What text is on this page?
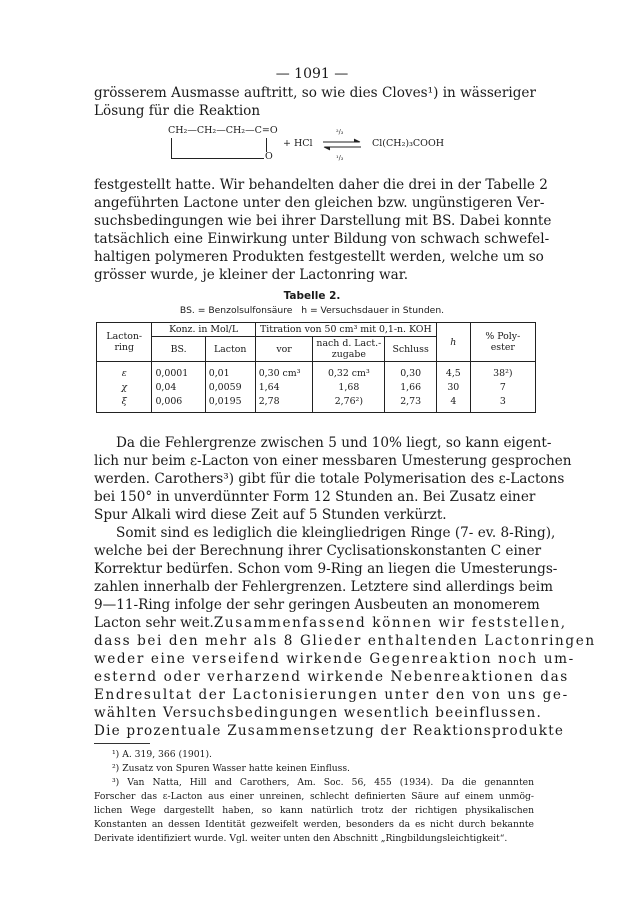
— 1091 —
grösserem Ausmasse auftritt, so wie dies Cloves¹) in wässeriger
Lösung für die Reaktion
CH₂—CH₂—CH₂—C=O
O
+ HCl
²/₃
¹/₃
Cl(CH₂)₃COOH
festgestellt hatte. Wir behandelten daher die drei in der Tabelle 2
angeführten Lactone unter den gleichen bzw. ungünstigeren Ver-
suchsbedingungen wie bei ihrer Darstellung mit BS. Dabei konnte
tatsächlich eine Einwirkung unter Bildung von schwach schwefel-
haltigen polymeren Produkten festgestellt werden, welche um so
grösser wurde, je kleiner der Lactonring war.
Tabelle 2.
BS. = Benzolsulfonsäure   h = Versuchsdauer in Stunden.
Lacton-
ring	Konz. in Mol/L		Titration von 50 cm³ mit 0,1-n. KOH			h	% Poly-
ester
	BS.	Lacton	vor	nach d. Lact.-
zugabe	Schluss		
ε	0,0001	0,01	0,30 cm³	0,32 cm³	0,30	4,5	38²)
χ	0,04	0,0059	1,64	1,68	1,66	30	7
ξ	0,006	0,0195	2,78	2,76²)	2,73	4	3
Da die Fehlergrenze zwischen 5 und 10% liegt, so kann eigent-
lich nur beim ε-Lacton von einer messbaren Umesterung gesprochen
werden. Carothers³) gibt für die totale Polymerisation des ε-Lactons
bei 150° in unverdünnter Form 12 Stunden an. Bei Zusatz einer
Spur Alkali wird diese Zeit auf 5 Stunden verkürzt.
Somit sind es lediglich die kleingliedrigen Ringe (7- ev. 8-Ring),
welche bei der Berechnung ihrer Cyclisationskonstanten C einer
Korrektur bedürfen. Schon vom 9-Ring an liegen die Umesterungs-
zahlen innerhalb der Fehlergrenzen. Letztere sind allerdings beim
9—11-Ring infolge der sehr geringen Ausbeuten an monomerem
Lacton sehr weit. Zusammenfassend können wir feststellen,
dass bei den mehr als 8 Glieder enthaltenden Lactonringen
weder eine verseifend wirkende Gegenreaktion noch um-
esternd oder verharzend wirkende Nebenreaktionen das
Endresultat der Lactonisierungen unter den von uns ge-
wählten Versuchsbedingungen wesentlich beeinflussen.
Die prozentuale Zusammensetzung der Reaktionsprodukte
¹) A. 319, 366 (1901).
²) Zusatz von Spuren Wasser hatte keinen Einfluss.
³) Van Natta, Hill and Carothers, Am. Soc. 56, 455 (1934). Da die genannten
Forscher das ε-Lacton aus einer unreinen, schlecht definierten Säure auf einem unmög-
lichen Wege dargestellt haben, so kann natürlich trotz der richtigen physikalischen
Konstanten an dessen Identität gezweifelt werden, besonders da es nicht durch bekannte
Derivate identifiziert wurde. Vgl. weiter unten den Abschnitt „Ringbildungsleichtigkeit“.
